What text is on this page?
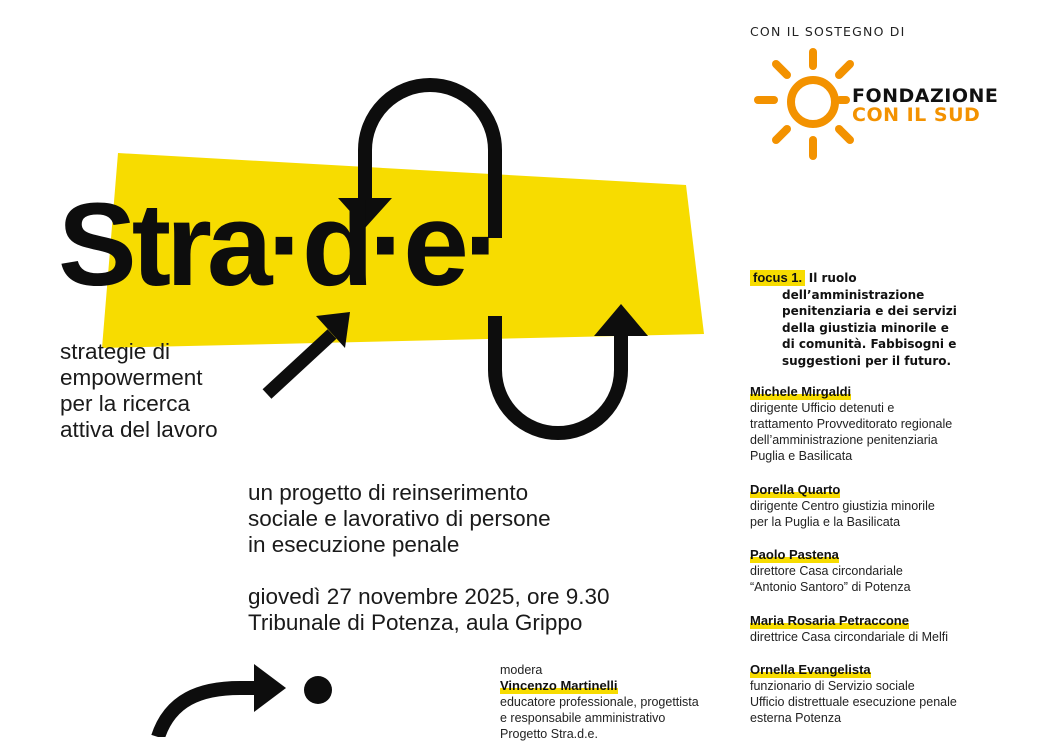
CON IL SOSTEGNO DI
FONDAZIONE
CON IL SUD
Stra·d·e·
strategie di
empowerment
per la ricerca
attiva del lavoro
un progetto di reinserimento
sociale e lavorativo di persone
in esecuzione penale
giovedì 27 novembre 2025, ore 9.30
Tribunale di Potenza, aula Grippo
modera
Vincenzo Martinelli
educatore professionale, progettista
e responsabile amministrativo
Progetto Stra.d.e.
focus 1. Il ruolo
dell’amministrazione
penitenziaria e dei servizi
della giustizia minorile e
di comunità. Fabbisogni e
suggestioni per il futuro.
Michele Mirgaldi
dirigente Ufficio detenuti e
trattamento Provveditorato regionale
dell’amministrazione penitenziaria
Puglia e Basilicata
Dorella Quarto
dirigente Centro giustizia minorile
per la Puglia e la Basilicata
Paolo Pastena
direttore Casa circondariale
“Antonio Santoro” di Potenza
Maria Rosaria Petraccone
direttrice Casa circondariale di Melfi
Ornella Evangelista
funzionario di Servizio sociale
Ufficio distrettuale esecuzione penale
esterna Potenza
